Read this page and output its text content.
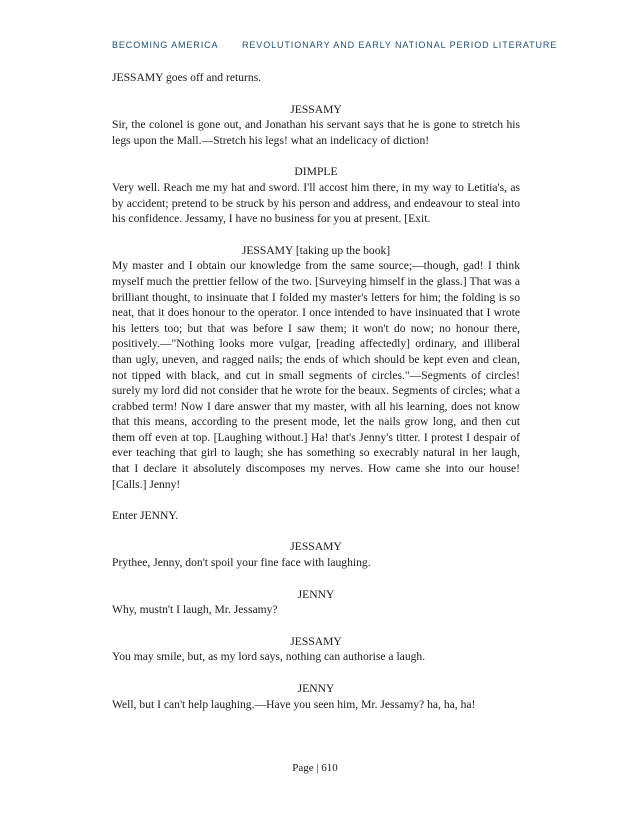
BECOMING AMERICA	REVOLUTIONARY AND EARLY NATIONAL PERIOD LITERATURE

JESSAMY goes off and returns.

JESSAMY

Sir, the colonel is gone out, and Jonathan his servant says that he is gone to stretch his legs upon the Mall.—Stretch his legs! what an indelicacy of diction!

DIMPLE

Very well. Reach me my hat and sword. I'll accost him there, in my way to Letitia's, as by accident; pretend to be struck by his person and address, and endeavour to steal into his confidence. Jessamy, I have no business for you at present. [Exit.

JESSAMY [taking up the book]

My master and I obtain our knowledge from the same source;—though, gad! I think myself much the prettier fellow of the two. [Surveying himself in the glass.] That was a brilliant thought, to insinuate that I folded my master's letters for him; the folding is so neat, that it does honour to the operator. I once intended to have insinuated that I wrote his letters too; but that was before I saw them; it won't do now; no honour there, positively.—"Nothing looks more vulgar, [reading affectedly] ordinary, and illiberal than ugly, uneven, and ragged nails; the ends of which should be kept even and clean, not tipped with black, and cut in small segments of circles."—Segments of circles! surely my lord did not consider that he wrote for the beaux. Segments of circles; what a crabbed term! Now I dare answer that my master, with all his learning, does not know that this means, according to the present mode, let the nails grow long, and then cut them off even at top. [Laughing without.] Ha! that's Jenny's titter. I protest I despair of ever teaching that girl to laugh; she has something so execrably natural in her laugh, that I declare it absolutely discomposes my nerves. How came she into our house! [Calls.] Jenny!

Enter JENNY.

JESSAMY

Prythee, Jenny, don't spoil your fine face with laughing.

JENNY

Why, mustn't I laugh, Mr. Jessamy?

JESSAMY

You may smile, but, as my lord says, nothing can authorise a laugh.

JENNY

Well, but I can't help laughing.—Have you seen him, Mr. Jessamy? ha, ha, ha!

Page | 610
